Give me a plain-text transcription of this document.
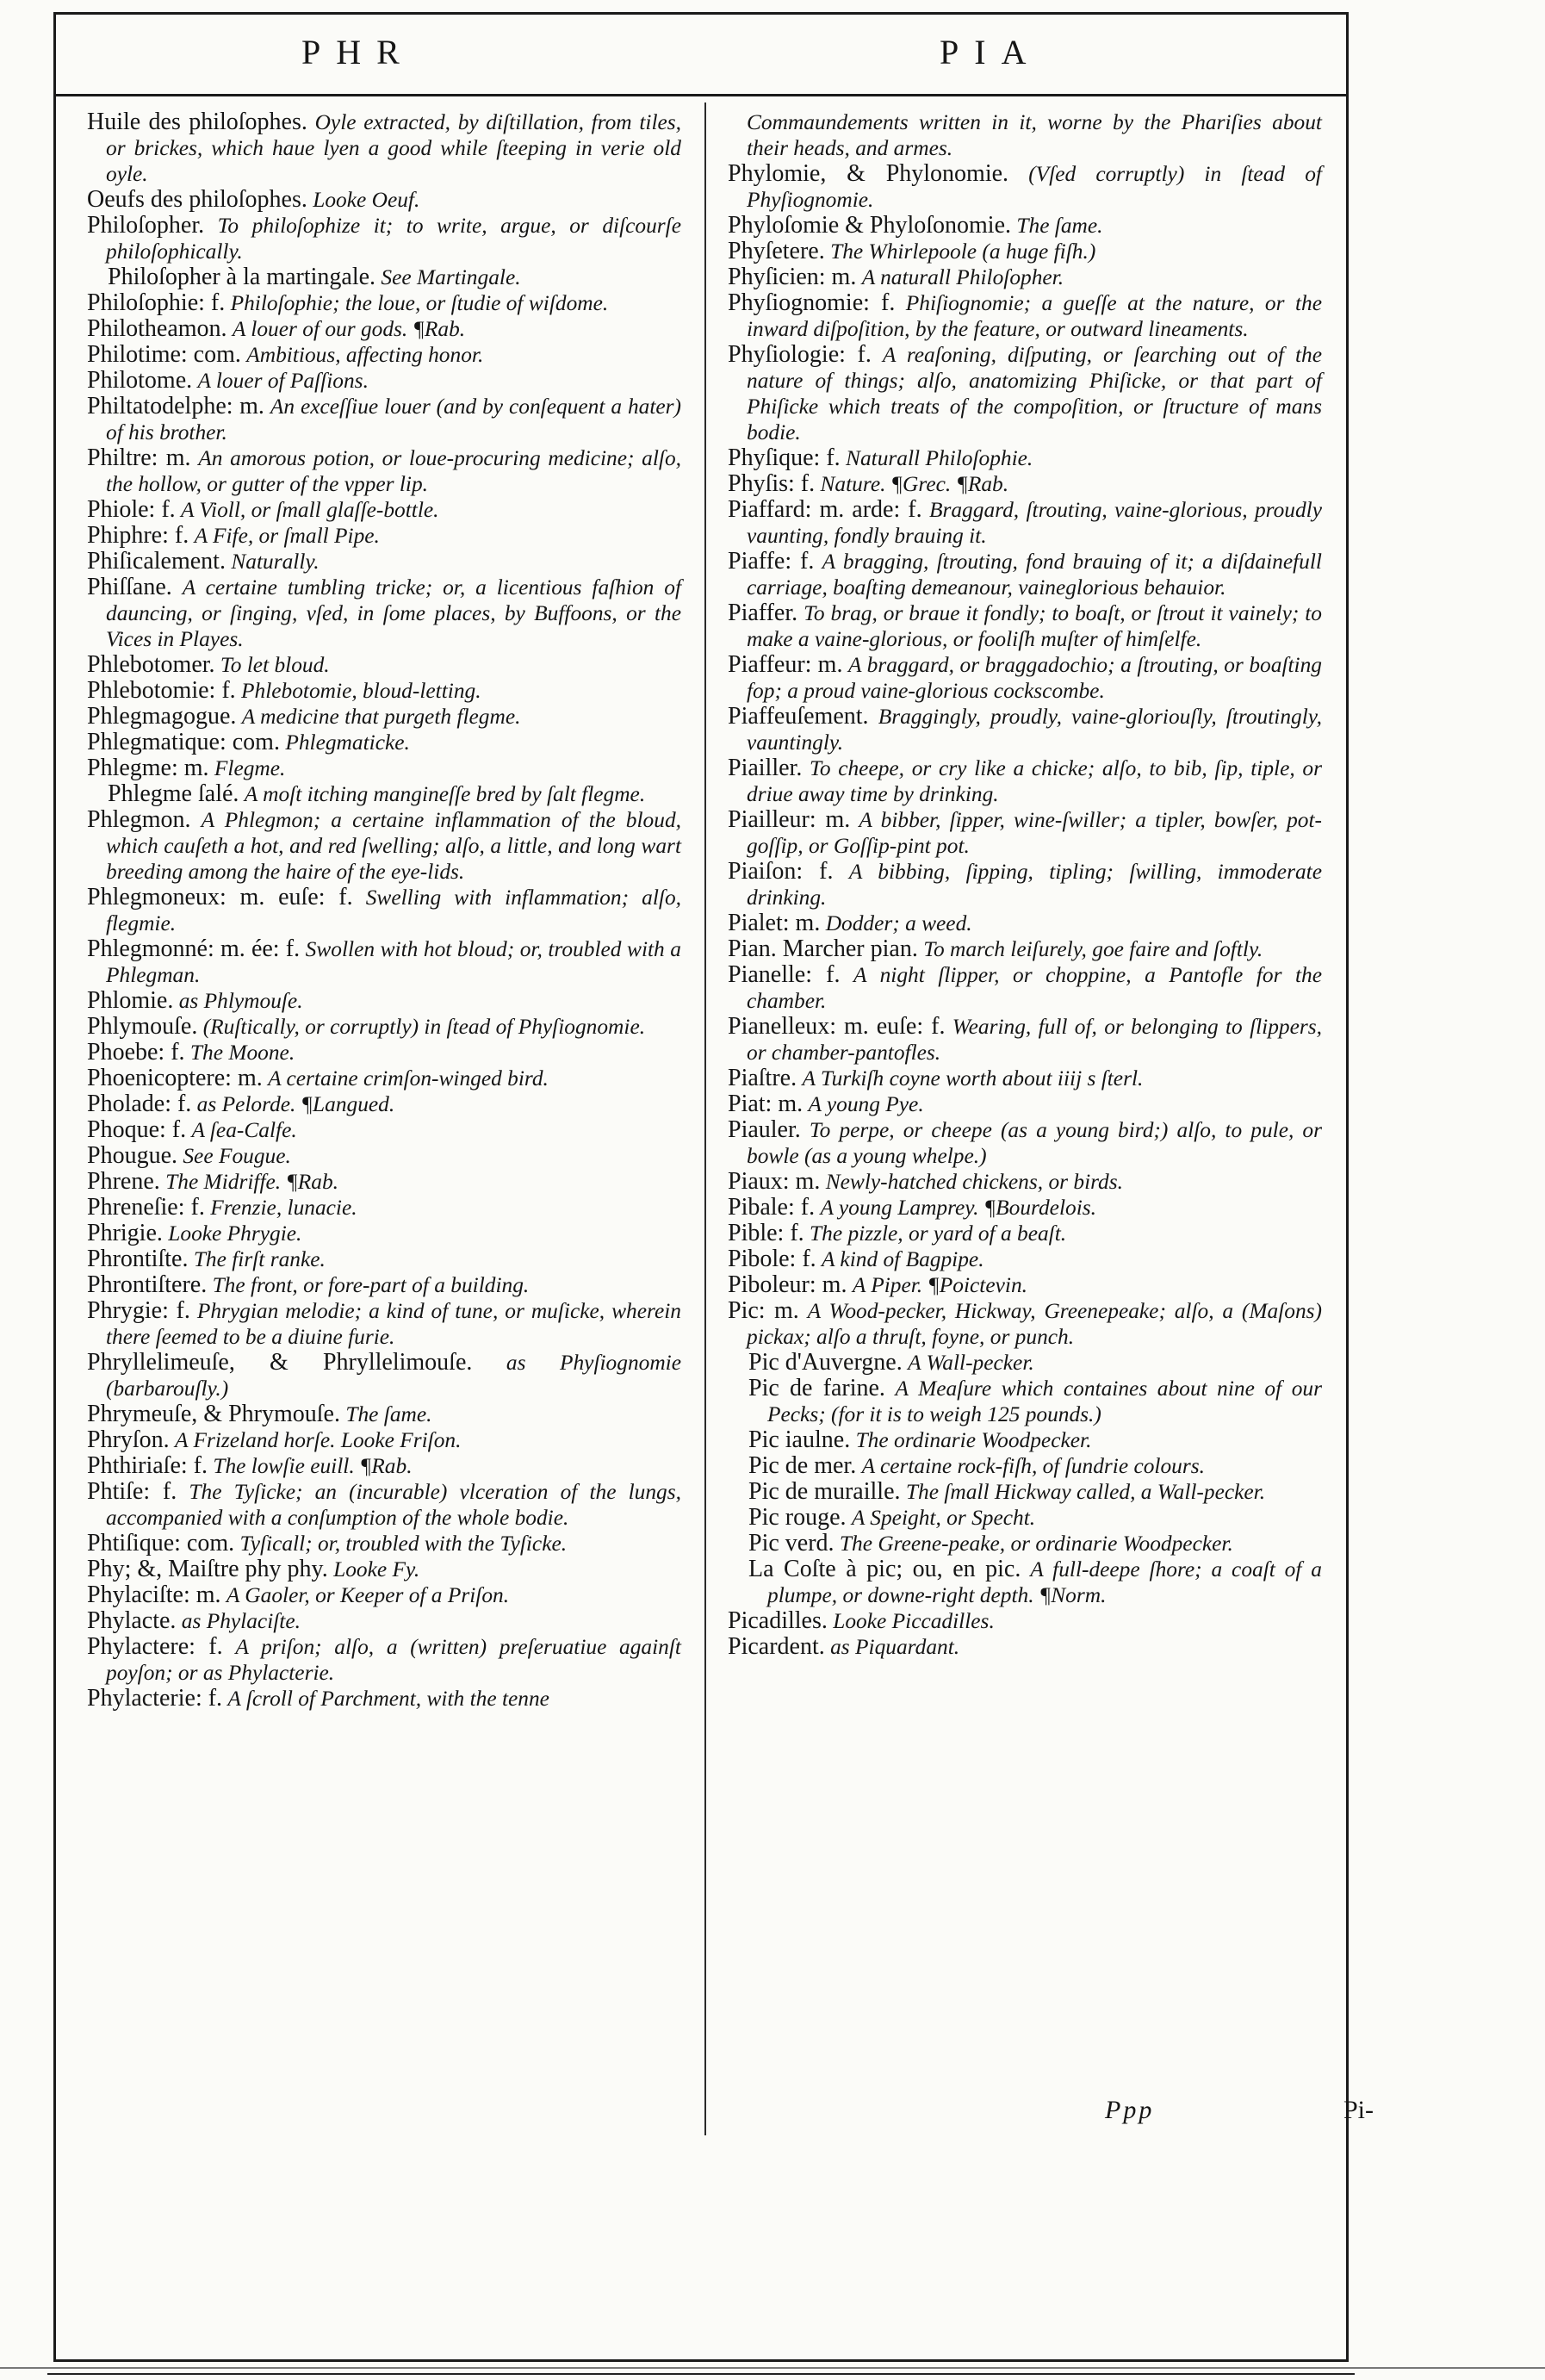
PHR	PIA

Huile des philoſophes. Oyle extracted, by diſtillation, from tiles, or brickes, which haue lyen a good while ſteeping in verie old oyle.

Oeufs des philoſophes. Looke Oeuf.

Philoſopher. To philoſophize it; to write, argue, or diſcourſe philoſophically.

Philoſopher à la martingale. See Martingale.

Philoſophie: f. Philoſophie; the loue, or ſtudie of wiſdome.

Philotheamon. A louer of our gods. ¶Rab.

Philotime: com. Ambitious, affecting honor.

Philotome. A louer of Paſſions.

Philtatodelphe: m. An exceſſiue louer (and by conſequent a hater) of his brother.

Philtre: m. An amorous potion, or loue-procuring medicine; alſo, the hollow, or gutter of the vpper lip.

Phiole: f. A Violl, or ſmall glaſſe-bottle.

Phiphre: f. A Fife, or ſmall Pipe.

Phiſicalement. Naturally.

Phiſſane. A certaine tumbling tricke; or, a licentious faſhion of dauncing, or ſinging, vſed, in ſome places, by Buffoons, or the Vices in Playes.

Phlebotomer. To let bloud.

Phlebotomie: f. Phlebotomie, bloud-letting.

Phlegmagogue. A medicine that purgeth flegme.

Phlegmatique: com. Phlegmaticke.

Phlegme: m. Flegme.

Phlegme ſalé. A moſt itching mangineſſe bred by ſalt flegme.

Phlegmon. A Phlegmon; a certaine inflammation of the bloud, which cauſeth a hot, and red ſwelling; alſo, a little, and long wart breeding among the haire of the eye-lids.

Phlegmoneux: m. euſe: f. Swelling with inflammation; alſo, flegmie.

Phlegmonné: m. ée: f. Swollen with hot bloud; or, troubled with a Phlegman.

Phlomie. as Phlymouſe.

Phlymouſe. (Ruſtically, or corruptly) in ſtead of Phyſiognomie.

Phoebe: f. The Moone.

Phoenicoptere: m. A certaine crimſon-winged bird.

Pholade: f. as Pelorde. ¶Langued.

Phoque: f. A ſea-Calfe.

Phougue. See Fougue.

Phrene. The Midriffe. ¶Rab.

Phreneſie: f. Frenzie, lunacie.

Phrigie. Looke Phrygie.

Phrontiſte. The firſt ranke.

Phrontiſtere. The front, or fore-part of a building.

Phrygie: f. Phrygian melodie; a kind of tune, or muſicke, wherein there ſeemed to be a diuine furie.

Phryllelimeuſe, & Phryllelimouſe. as Phyſiognomie (barbarouſly.)

Phrymeuſe, & Phrymouſe. The ſame.

Phryſon. A Frizeland horſe. Looke Friſon.

Phthiriaſe: f. The lowſie euill. ¶Rab.

Phtiſe: f. The Tyſicke; an (incurable) vlceration of the lungs, accompanied with a conſumption of the whole bodie.

Phtiſique: com. Tyſicall; or, troubled with the Tyſicke.

Phy; &, Maiſtre phy phy. Looke Fy.

Phylaciſte: m. A Gaoler, or Keeper of a Priſon.

Phylacte. as Phylaciſte.

Phylactere: f. A priſon; alſo, a (written) preſeruatiue againſt poyſon; or as Phylacterie.

Phylacterie: f. A ſcroll of Parchment, with the tenne

Commaundements written in it, worne by the Phariſies about their heads, and armes.

Phylomie, & Phylonomie. (Vſed corruptly) in ſtead of Phyſiognomie.

Phyloſomie & Phyloſonomie. The ſame.

Phyſetere. The Whirlepoole (a huge fiſh.)

Phyſicien: m. A naturall Philoſopher.

Phyſiognomie: f. Phiſiognomie; a gueſſe at the nature, or the inward diſpoſition, by the feature, or outward lineaments.

Phyſiologie: f. A reaſoning, diſputing, or ſearching out of the nature of things; alſo, anatomizing Phiſicke, or that part of Phiſicke which treats of the compoſition, or ſtructure of mans bodie.

Phyſique: f. Naturall Philoſophie.

Phyſis: f. Nature. ¶Grec. ¶Rab.

Piaffard: m. arde: f. Braggard, ſtrouting, vaine-glorious, proudly vaunting, fondly brauing it.

Piaffe: f. A bragging, ſtrouting, fond brauing of it; a diſdainefull carriage, boaſting demeanour, vaineglorious behauior.

Piaffer. To brag, or braue it fondly; to boaſt, or ſtrout it vainely; to make a vaine-glorious, or fooliſh muſter of himſelfe.

Piaffeur: m. A braggard, or braggadochio; a ſtrouting, or boaſting fop; a proud vaine-glorious cockscombe.

Piaffeuſement. Braggingly, proudly, vaine-gloriouſly, ſtroutingly, vauntingly.

Piailler. To cheepe, or cry like a chicke; alſo, to bib, ſip, tiple, or driue away time by drinking.

Piailleur: m. A bibber, ſipper, wine-ſwiller; a tipler, bowſer, pot-goſſip, or Goſſip-pint pot.

Piaiſon: f. A bibbing, ſipping, tipling; ſwilling, immoderate drinking.

Pialet: m. Dodder; a weed.

Pian. Marcher pian. To march leiſurely, goe faire and ſoftly.

Pianelle: f. A night ſlipper, or choppine, a Pantofle for the chamber.

Pianelleux: m. euſe: f. Wearing, full of, or belonging to ſlippers, or chamber-pantofles.

Piaſtre. A Turkiſh coyne worth about iiij s ſterl.

Piat: m. A young Pye.

Piauler. To perpe, or cheepe (as a young bird;) alſo, to pule, or bowle (as a young whelpe.)

Piaux: m. Newly-hatched chickens, or birds.

Pibale: f. A young Lamprey. ¶Bourdelois.

Pible: f. The pizzle, or yard of a beaſt.

Pibole: f. A kind of Bagpipe.

Piboleur: m. A Piper. ¶Poictevin.

Pic: m. A Wood-pecker, Hickway, Greenepeake; alſo, a (Maſons) pickax; alſo a thruſt, foyne, or punch.

Pic d'Auvergne. A Wall-pecker.

Pic de farine. A Meaſure which containes about nine of our Pecks; (for it is to weigh 125 pounds.)

Pic iaulne. The ordinarie Woodpecker.

Pic de mer. A certaine rock-fiſh, of ſundrie colours.

Pic de muraille. The ſmall Hickway called, a Wall-pecker.

Pic rouge. A Speight, or Specht.

Pic verd. The Greene-peake, or ordinarie Woodpecker.

La Coſte à pic; ou, en pic. A full-deepe ſhore; a coaſt of a plumpe, or downe-right depth. ¶Norm.

Picadilles. Looke Piccadilles.

Picardent. as Piquardant.

Ppp	Pi-
